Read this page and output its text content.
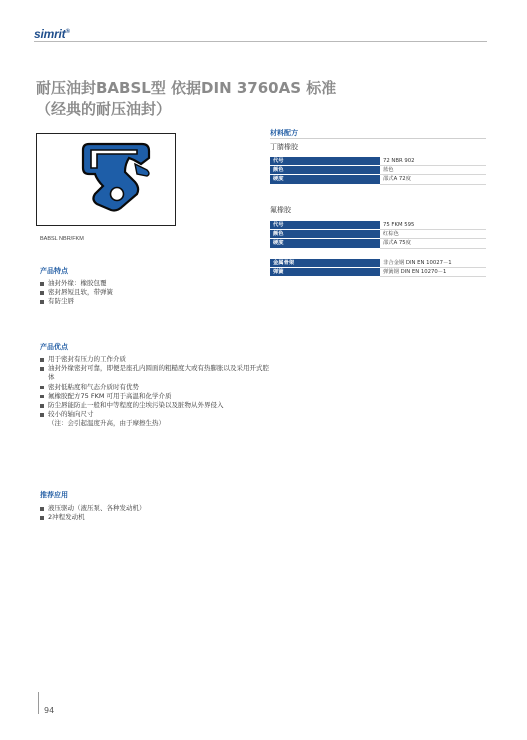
simrit®
耐压油封BABSL型 依据DIN 3760AS 标准
（经典的耐压油封）
BABSL NBR/FKM
产品特点
油封外缘：橡胶包覆
密封唇短且软，带弹簧
有防尘唇
产品优点
用于密封有压力的工作介质
油封外缘密封可靠，即便是座孔内圆面的粗糙度大或有热膨胀以及采用开式腔体
密封低粘度和气态介质时有优势
氟橡胶配方75 FKM 可用于高温和化学介质
防尘唇能防止一般和中等程度的尘埃污染以及脏物从外界侵入
较小的轴向尺寸
（注：会引起温度升高，由于摩擦生热）
推荐应用
液压驱动（液压泵、各种发动机）
2冲程发动机
材料配方
丁腈橡胶
代号	72 NBR 902
颜色	蓝色
硬度	邵式A 72度
氟橡胶
代号	75 FKM 595
颜色	红棕色
硬度	邵式A 75度
金属骨架	非合金钢 DIN EN 10027－1
弹簧	弹簧钢 DIN EN 10270－1
94
